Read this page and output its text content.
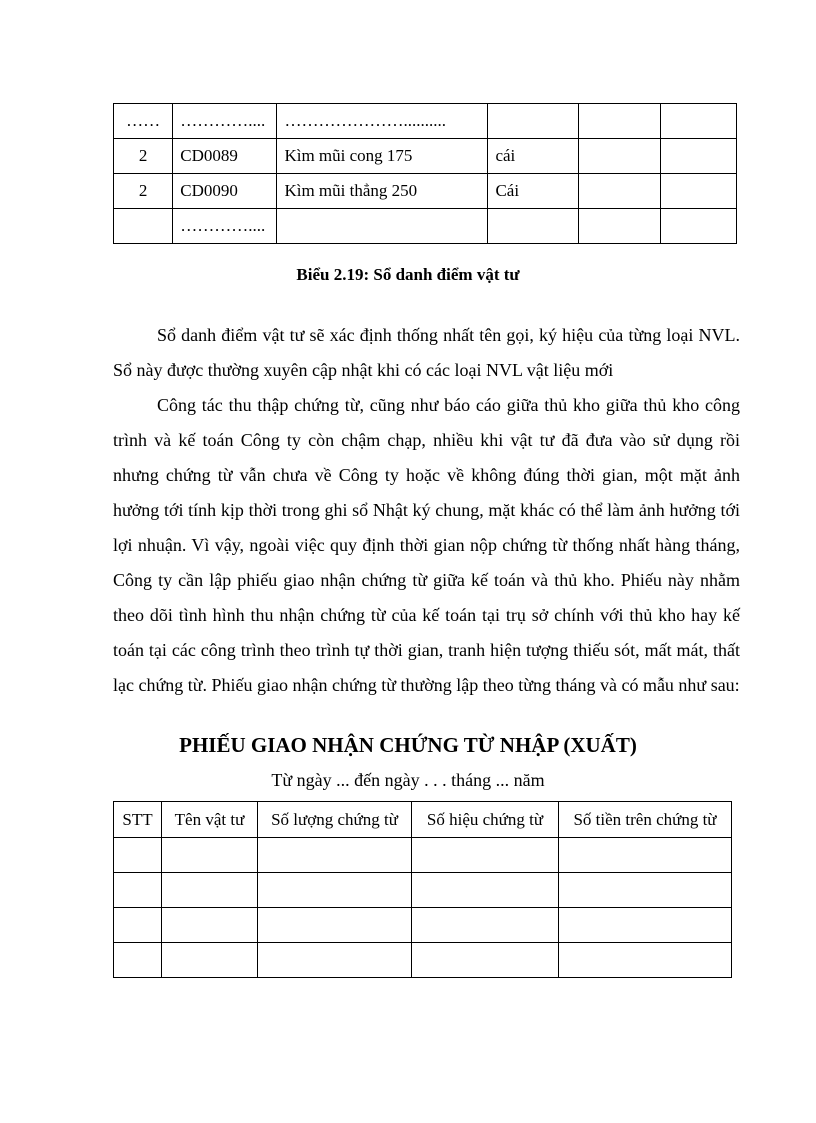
……	…………....	…………………..........			
2	CD0089	Kìm mũi cong 175	cái		
2	CD0090	Kìm mũi thẳng 250	Cái		
	…………....				
Biểu 2.19: Sổ danh điểm vật tư

Sổ danh điểm vật tư sẽ xác định thống nhất tên gọi, ký hiệu của từng loại NVL. Sổ này được thường xuyên cập nhật khi có các loại NVL vật liệu mới

Công tác thu thập chứng từ, cũng như báo cáo giữa thủ kho giữa thủ kho công trình và kế toán Công ty còn chậm chạp, nhiều khi vật tư đã đưa vào sử dụng rồi nhưng chứng từ vẫn chưa về Công ty hoặc về không đúng thời gian, một mặt ảnh hưởng tới tính kịp thời trong ghi sổ Nhật ký chung, mặt khác có thể làm ảnh hưởng tới lợi nhuận. Vì vậy, ngoài việc quy định thời gian nộp chứng từ thống nhất hàng tháng, Công ty cần lập phiếu giao nhận chứng từ giữa kế toán và thủ kho. Phiếu này nhằm theo dõi tình hình thu nhận chứng từ của kế toán tại trụ sở chính với thủ kho hay kế toán tại các công trình theo trình tự thời gian, tranh hiện tượng thiếu sót, mất mát, thất lạc chứng từ. Phiếu giao nhận chứng từ thường lập theo từng tháng và có mẫu như sau:

PHIẾU GIAO NHẬN CHỨNG TỪ NHẬP (XUẤT)
Từ ngày ... đến ngày . . . tháng ... năm
STT	Tên vật tư	Số lượng chứng từ	Số hiệu chứng từ	Số tiền trên chứng từ
